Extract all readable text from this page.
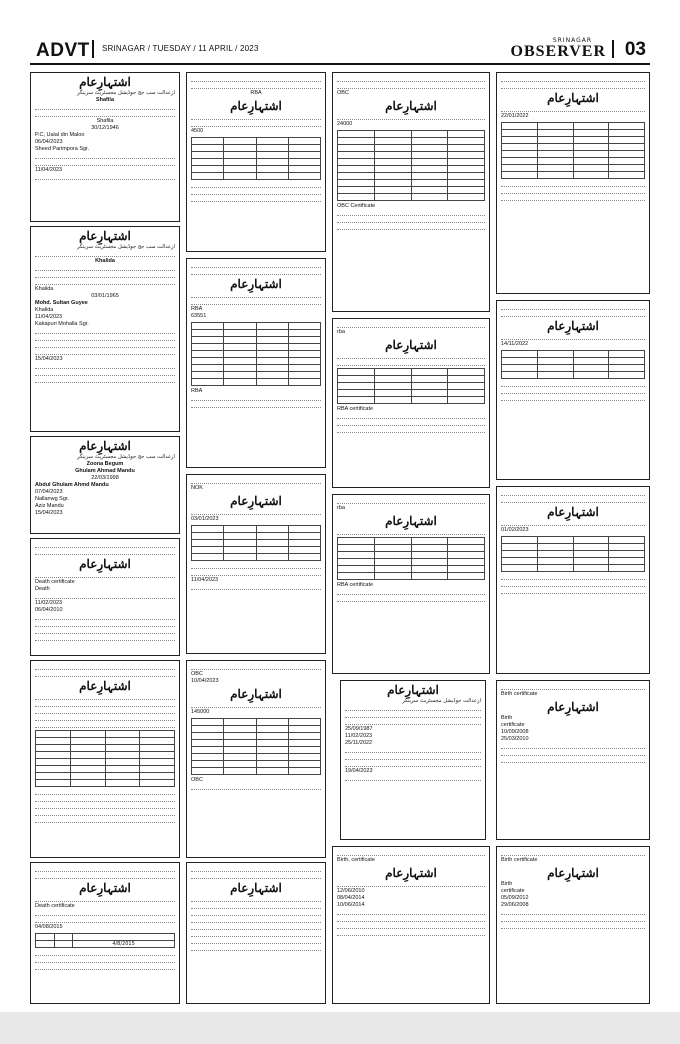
ADVT SRINAGAR / TUESDAY / 11 APRIL / 2023
SRINAGAR
OBSERVER 03
اشتہارِعام
ازعدالت سب جج جوڈیشل مجسٹریٹ سرینگر
Shafila
Shafila
30/12/1946
P.C, Ualal din Maloo
06/04/2023
Sheed Parimpora Sgr.
11/04/2023
اشتہارِعام
ازعدالت سب جج جوڈیشل مجسٹریٹ سرینگر
Khalida
Khalida
03/01/1965
Mohd. Sultan Guyee
Khalida
11/04/2023
Kakapuri Mohalla Sgr.
15/04/2023
اشتہارِعام
ازعدالت سب جج جوڈیشل مجسٹریٹ سرینگر
Zoona Begum
Ghulam Ahmad Mandu
22/03/1998
Abdul Ghulam Ahmd Mandu
07/04/2023
Nallanwg Sgr.
Aziz Mandu
15/04/2023
اشتہارِعام
Death certificate
Death
11/02/2023
06/04/2010
اشتہارِعام

اشتہارِعام
Death certificate
04/08/2015

		4/8/2015
RBA
اشتہارِعام
4500

اشتہارِعام
RBA
63551

RBA
NOK
اشتہارِعام
03/01/2023

11/04/2023
OBC
10/04/2023
اشتہارِعام
145000

OBC
اشتہارِعام
OBC
اشتہارِعام
24000

OBC Certificate
rba
اشتہارِعام

RBA certificate
rba
اشتہارِعام

RBA certificate
اشتہارِعام
ازعدالت جوڈیشل مجسٹریٹ سرینگر
25/09/1987
11/02/2023
25/11/2022
19/04/2023
Birth, certificate
اشتہارِعام
12/06/2010
08/04/2014
10/06/2014
اشتہارِعام
22/01/2022

اشتہارِعام
14/11/2022

اشتہارِعام
01/02/2023

Birth certificate
اشتہارِعام
Birth
certificate
10/09/2008
25/03/2010
Birth certificate
اشتہارِعام
Birth
certificate
05/09/2012
29/06/2008
